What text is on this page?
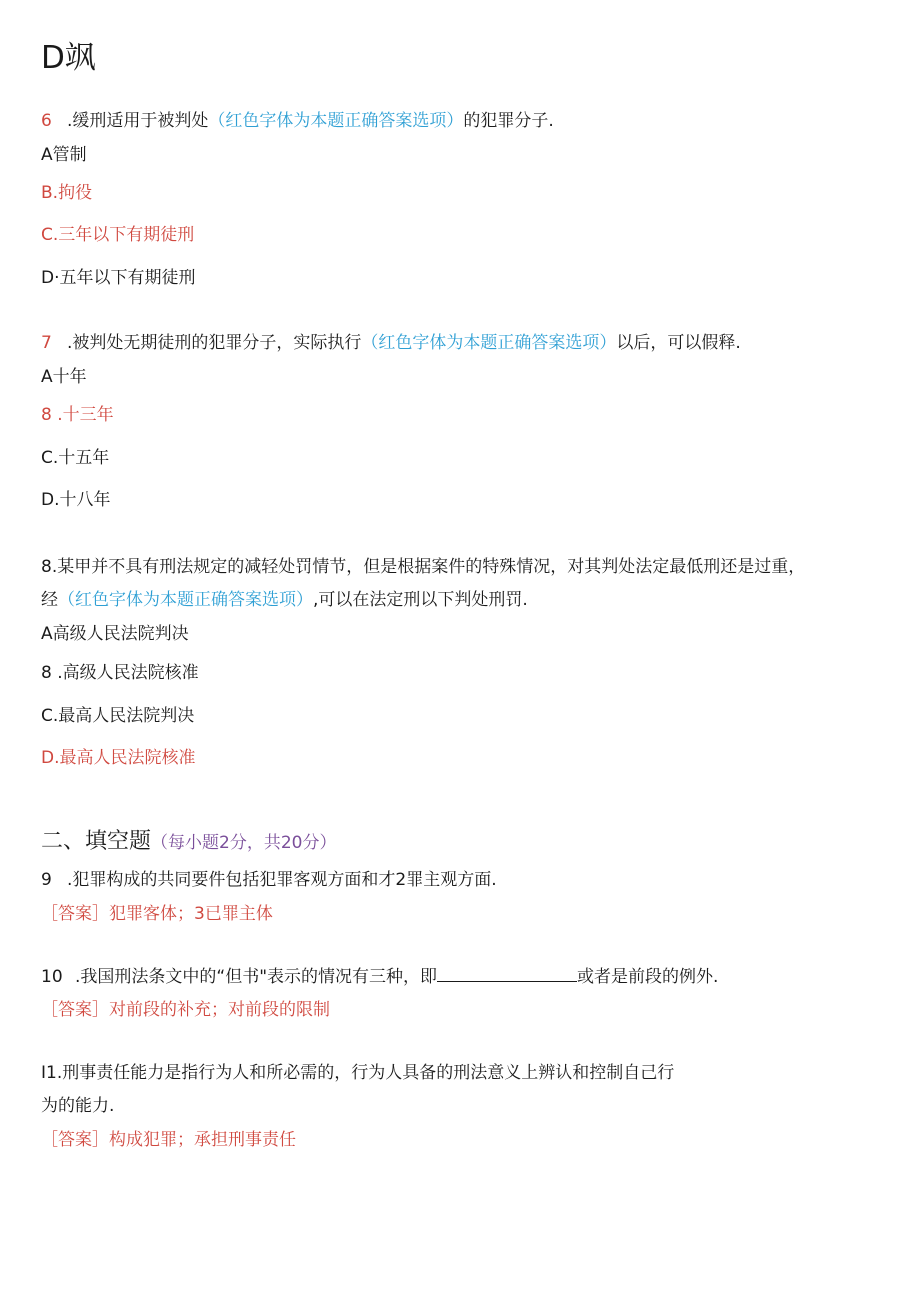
D飒
6 .缓刑适用于被判处（红色字体为本题正确答案选项）的犯罪分子.
A管制
B.拘役
C.三年以下有期徒刑
D·五年以下有期徒刑
7 .被判处无期徒刑的犯罪分子，实际执行（红色字体为本题正确答案选项）以后，可以假释.
A十年
8 .十三年
C.十五年
D.十八年
8.某甲并不具有刑法规定的减轻处罚情节，但是根据案件的特殊情况，对其判处法定最低刑还是过重，
经（红色字体为本题正确答案选项）,可以在法定刑以下判处刑罚.
A高级人民法院判决
8 .高级人民法院核准
C.最高人民法院判决
D.最高人民法院核准
二、填空题（每小题2分，共20分）
9 .犯罪构成的共同要件包括犯罪客观方面和才2罪主观方面.
［答案］犯罪客体；3已罪主体
10 .我国刑法条文中的“但书"表示的情况有三种，即	或者是前段的例外.
［答案］对前段的补充；对前段的限制
I1.刑事责任能力是指行为人和所必需的，行为人具备的刑法意义上辨认和控制自己行
为的能力.
［答案］构成犯罪；承担刑事责任
